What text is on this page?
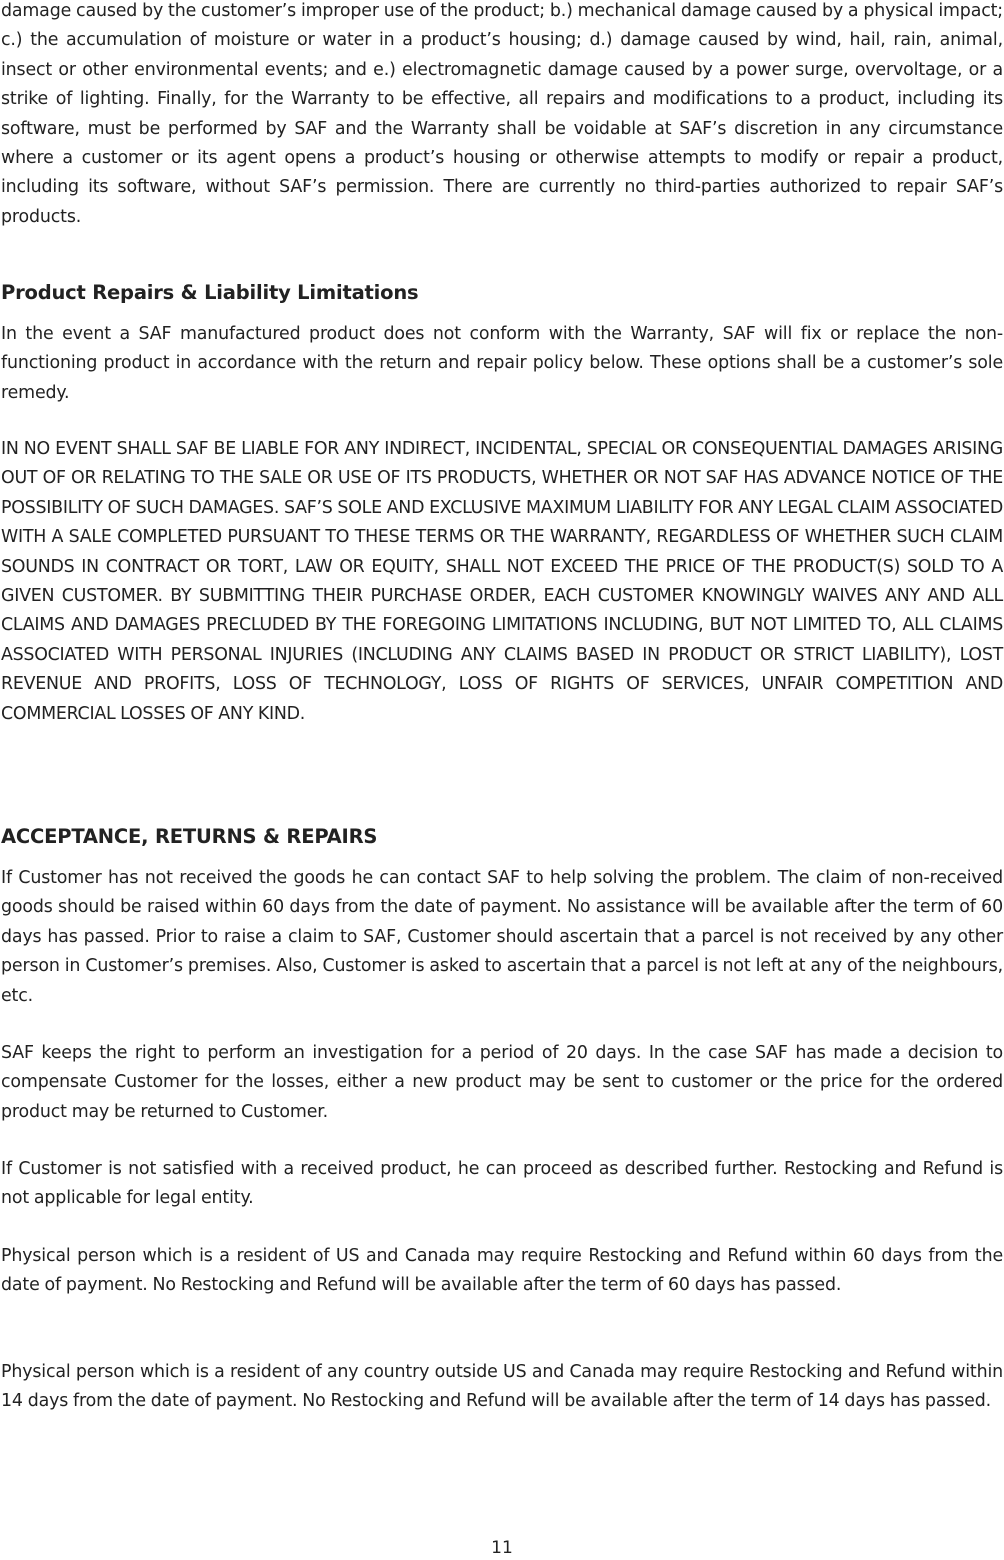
damage caused by the customer’s improper use of the product; b.) mechanical damage caused by a physical impact; c.) the accumulation of moisture or water in a product’s housing; d.) damage caused by wind, hail, rain, animal, insect or other environmental events; and e.) electromagnetic damage caused by a power surge, overvoltage, or a strike of lighting. Finally, for the Warranty to be effective, all repairs and modifications to a product, including its software, must be performed by SAF and the Warranty shall be voidable at SAF’s discretion in any circumstance where a customer or its agent opens a product’s housing or otherwise attempts to modify or repair a product, including its software, without SAF’s permission. There are currently no third-parties authorized to repair SAF’s products.

Product Repairs & Liability Limitations

In the event a SAF manufactured product does not conform with the Warranty, SAF will fix or replace the non-functioning product in accordance with the return and repair policy below. These options shall be a customer’s sole remedy.

IN NO EVENT SHALL SAF BE LIABLE FOR ANY INDIRECT, INCIDENTAL, SPECIAL OR CONSEQUENTIAL DAMAGES ARISING OUT OF OR RELATING TO THE SALE OR USE OF ITS PRODUCTS, WHETHER OR NOT SAF HAS ADVANCE NOTICE OF THE POSSIBILITY OF SUCH DAMAGES. SAF’S SOLE AND EXCLUSIVE MAXIMUM LIABILITY FOR ANY LEGAL CLAIM ASSOCIATED WITH A SALE COMPLETED PURSUANT TO THESE TERMS OR THE WARRANTY, REGARDLESS OF WHETHER SUCH CLAIM SOUNDS IN CONTRACT OR TORT, LAW OR EQUITY, SHALL NOT EXCEED THE PRICE OF THE PRODUCT(S) SOLD TO A GIVEN CUSTOMER. BY SUBMITTING THEIR PURCHASE ORDER, EACH CUSTOMER KNOWINGLY WAIVES ANY AND ALL CLAIMS AND DAMAGES PRECLUDED BY THE FOREGOING LIMITATIONS INCLUDING, BUT NOT LIMITED TO, ALL CLAIMS ASSOCIATED WITH PERSONAL INJURIES (INCLUDING ANY CLAIMS BASED IN PRODUCT OR STRICT LIABILITY), LOST REVENUE AND PROFITS, LOSS OF TECHNOLOGY, LOSS OF RIGHTS OF SERVICES, UNFAIR COMPETITION AND COMMERCIAL LOSSES OF ANY KIND.

ACCEPTANCE, RETURNS & REPAIRS

If Customer has not received the goods he can contact SAF to help solving the problem. The claim of non-received goods should be raised within 60 days from the date of payment. No assistance will be available after the term of 60 days has passed. Prior to raise a claim to SAF, Customer should ascertain that a parcel is not received by any other person in Customer’s premises. Also, Customer is asked to ascertain that a parcel is not left at any of the neighbours, etc.

SAF keeps the right to perform an investigation for a period of 20 days. In the case SAF has made a decision to compensate Customer for the losses, either a new product may be sent to customer or the price for the ordered product may be returned to Customer.

If Customer is not satisfied with a received product, he can proceed as described further. Restocking and Refund is not applicable for legal entity.

Physical person which is a resident of US and Canada may require Restocking and Refund within 60 days from the date of payment. No Restocking and Refund will be available after the term of 60 days has passed.

Physical person which is a resident of any country outside US and Canada may require Restocking and Refund within 14 days from the date of payment. No Restocking and Refund will be available after the term of 14 days has passed.

11
